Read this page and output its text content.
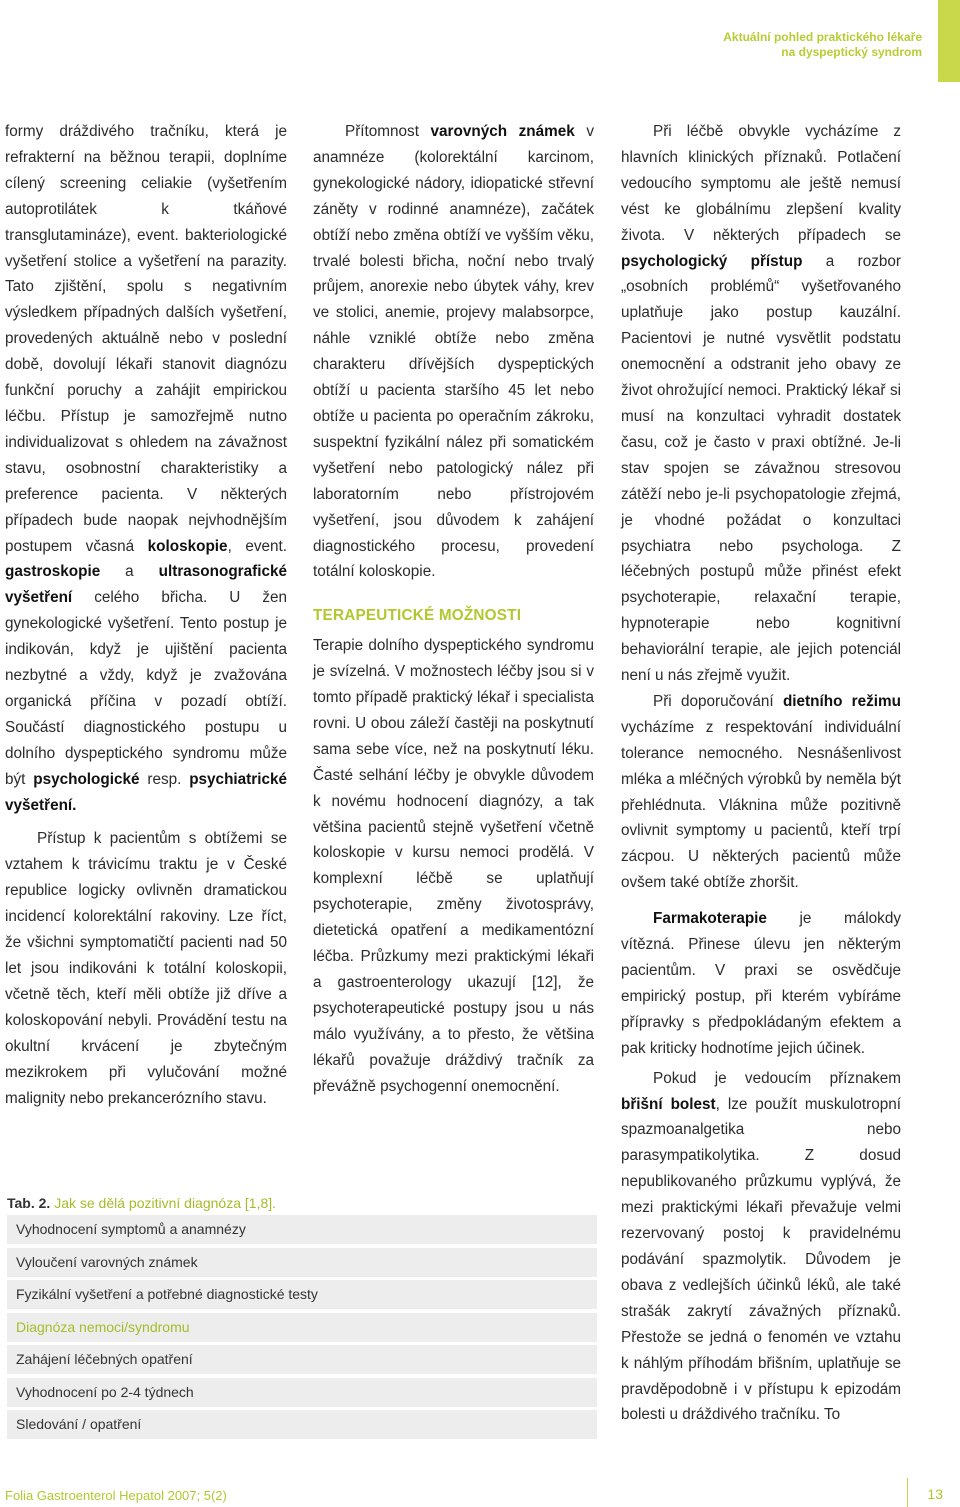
Aktuální pohled praktického lékaře
na dyspeptický syndrom

formy dráždivého tračníku, která je refrakterní na běžnou terapii, doplníme cílený screening celiakie (vyšetřením autoprotilátek k tkáňové transglutamináze), event. bakteriologické vyšetření stolice a vyšetření na parazity. Tato zjištění, spolu s negativním výsledkem případných dalších vyšetření, provedených aktuálně nebo v poslední době, dovolují lékaři stanovit diagnózu funkční poruchy a zahájit empirickou léčbu. Přístup je samozřejmě nutno individualizovat s ohledem na závažnost stavu, osobnostní charakteristiky a preference pacienta. V některých případech bude naopak nejvhodnějším postupem včasná koloskopie, event. gastroskopie a ultrasonografické vyšetření celého břicha. U žen gynekologické vyšetření. Tento postup je indikován, když je ujištění pacienta nezbytné a vždy, když je zvažována organická příčina v pozadí obtíží. Součástí diagnostického postupu u dolního dyspeptického syndromu může být psychologické resp. psychiatrické vyšetření.

Přístup k pacientům s obtížemi se vztahem k trávicímu traktu je v České republice logicky ovlivněn dramatickou incidencí kolorektální rakoviny. Lze říct, že všichni symptomatičtí pacienti nad 50 let jsou indikováni k totální koloskopii, včetně těch, kteří měli obtíže již dříve a koloskopování nebyli. Provádění testu na okultní krvácení je zbytečným mezikrokem při vylučování možné malignity nebo prekancerózního stavu.

Přítomnost varovných známek v anamnéze (kolorektální karcinom, gynekologické nádory, idiopatické střevní záněty v rodinné anamnéze), začátek obtíží nebo změna obtíží ve vyšším věku, trvalé bolesti břicha, noční nebo trvalý průjem, anorexie nebo úbytek váhy, krev ve stolici, anemie, projevy malabsorpce, náhle vzniklé obtíže nebo změna charakteru dřívějších dyspeptických obtíží u pacienta staršího 45 let nebo obtíže u pacienta po operačním zákroku, suspektní fyzikální nález při somatickém vyšetření nebo patologický nález při laboratorním nebo přístrojovém vyšetření, jsou důvodem k zahájení diagnostického procesu, provedení totální koloskopie.

TERAPEUTICKÉ MOŽNOSTI

Terapie dolního dyspeptického syndromu je svízelná. V možnostech léčby jsou si v tomto případě praktický lékař i specialista rovni. U obou záleží častěji na poskytnutí sama sebe více, než na poskytnutí léku. Časté selhání léčby je obvykle důvodem k novému hodnocení diagnózy, a tak většina pacientů stejně vyšetření včetně koloskopie v kursu nemoci prodělá. V komplexní léčbě se uplatňují psychoterapie, změny životosprávy, dietetická opatření a medikamentózní léčba. Průzkumy mezi praktickými lékaři a gastroenterology ukazují [12], že psychoterapeutické postupy jsou u nás málo využívány, a to přesto, že většina lékařů považuje dráždivý tračník za převážně psychogenní onemocnění.

Při léčbě obvykle vycházíme z hlavních klinických příznaků. Potlačení vedoucího symptomu ale ještě nemusí vést ke globálnímu zlepšení kvality života. V některých případech se psychologický přístup a rozbor „osobních problémů“ vyšetřovaného uplatňuje jako postup kauzální. Pacientovi je nutné vysvětlit podstatu onemocnění a odstranit jeho obavy ze život ohrožující nemoci. Praktický lékař si musí na konzultaci vyhradit dostatek času, což je často v praxi obtížné. Je-li stav spojen se závažnou stresovou zátěží nebo je-li psychopatologie zřejmá, je vhodné požádat o konzultaci psychiatra nebo psychologa. Z léčebných postupů může přinést efekt psychoterapie, relaxační terapie, hypnoterapie nebo kognitivní behaviorální terapie, ale jejich potenciál není u nás zřejmě využit.

Při doporučování dietního režimu vycházíme z respektování individuální tolerance nemocného. Nesnášenlivost mléka a mléčných výrobků by neměla být přehlédnuta. Vláknina může pozitivně ovlivnit symptomy u pacientů, kteří trpí zácpou. U některých pacientů může ovšem také obtíže zhoršit.

Farmakoterapie je málokdy vítězná. Přinese úlevu jen některým pacientům. V praxi se osvědčuje empirický postup, při kterém vybíráme přípravky s předpokládaným efektem a pak kriticky hodnotíme jejich účinek.

Pokud je vedoucím příznakem břišní bolest, lze použít muskulotropní spazmoanalgetika nebo parasympatikolytika. Z dosud nepublikovaného průzkumu vyplývá, že mezi praktickými lékaři převažuje velmi rezervovaný postoj k pravidelnému podávání spazmolytik. Důvodem je obava z vedlejších účinků léků, ale také strašák zakrytí závažných příznaků. Přestože se jedná o fenomén ve vztahu k náhlým příhodám břišním, uplatňuje se pravděpodobně i v přístupu k epizodám bolesti u dráždivého tračníku. To

Tab. 2. Jak se dělá pozitivní diagnóza [1,8].
Vyhodnocení symptomů a anamnézy
Vyloučení varovných známek
Fyzikální vyšetření a potřebné diagnostické testy
Diagnóza nemoci/syndromu
Zahájení léčebných opatření
Vyhodnocení po 2-4 týdnech
Sledování / opatření
Folia Gastroenterol Hepatol 2007; 5(2)	13
